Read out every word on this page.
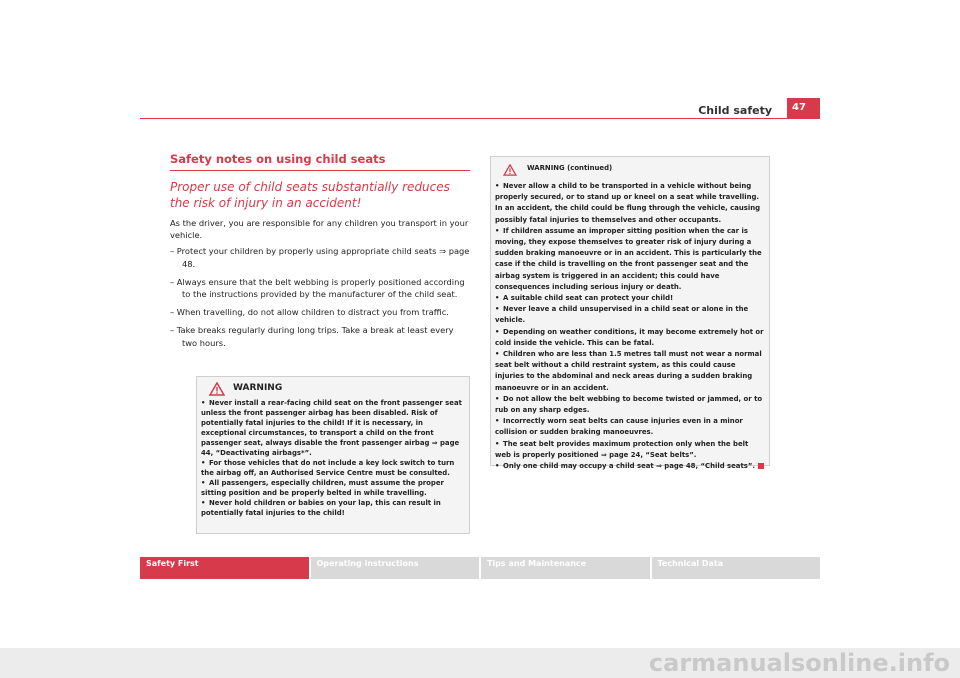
Child safety	47
Safety notes on using child seats

Proper use of child seats substantially reduces the risk of injury in an accident!

As the driver, you are responsible for any children you transport in your vehicle.

– Protect your children by properly using appropriate child seats ⇒ page 48.
– Always ensure that the belt webbing is properly positioned according to the instructions provided by the manufacturer of the child seat.
– When travelling, do not allow children to distract you from traffic.
– Take breaks regularly during long trips. Take a break at least every two hours.
WARNING
• Never install a rear-facing child seat on the front passenger seat unless the front passenger airbag has been disabled. Risk of potentially fatal injuries to the child! If it is necessary, in exceptional circumstances, to transport a child on the front passenger seat, always disable the front passenger airbag ⇒ page 44, “Deactivating airbags*”.
• For those vehicles that do not include a key lock switch to turn the airbag off, an Authorised Service Centre must be consulted.
• All passengers, especially children, must assume the proper sitting position and be properly belted in while travelling.
• Never hold children or babies on your lap, this can result in potentially fatal injuries to the child!
WARNING (continued)
• Never allow a child to be transported in a vehicle without being properly secured, or to stand up or kneel on a seat while travelling. In an accident, the child could be flung through the vehicle, causing possibly fatal injuries to themselves and other occupants.
• If children assume an improper sitting position when the car is moving, they expose themselves to greater risk of injury during a sudden braking manoeuvre or in an accident. This is particularly the case if the child is travelling on the front passenger seat and the airbag system is triggered in an accident; this could have consequences including serious injury or death.
• A suitable child seat can protect your child!
• Never leave a child unsupervised in a child seat or alone in the vehicle.
• Depending on weather conditions, it may become extremely hot or cold inside the vehicle. This can be fatal.
• Children who are less than 1.5 metres tall must not wear a normal seat belt without a child restraint system, as this could cause injuries to the abdominal and neck areas during a sudden braking manoeuvre or in an accident.
• Do not allow the belt webbing to become twisted or jammed, or to rub on any sharp edges.
• Incorrectly worn seat belts can cause injuries even in a minor collision or sudden braking manoeuvres.
• The seat belt provides maximum protection only when the belt web is properly positioned ⇒ page 24, “Seat belts”.
• Only one child may occupy a child seat ⇒ page 48, “Child seats”.
Safety First	Operating instructions	Tips and Maintenance	Technical Data
carmanualsonline.info
